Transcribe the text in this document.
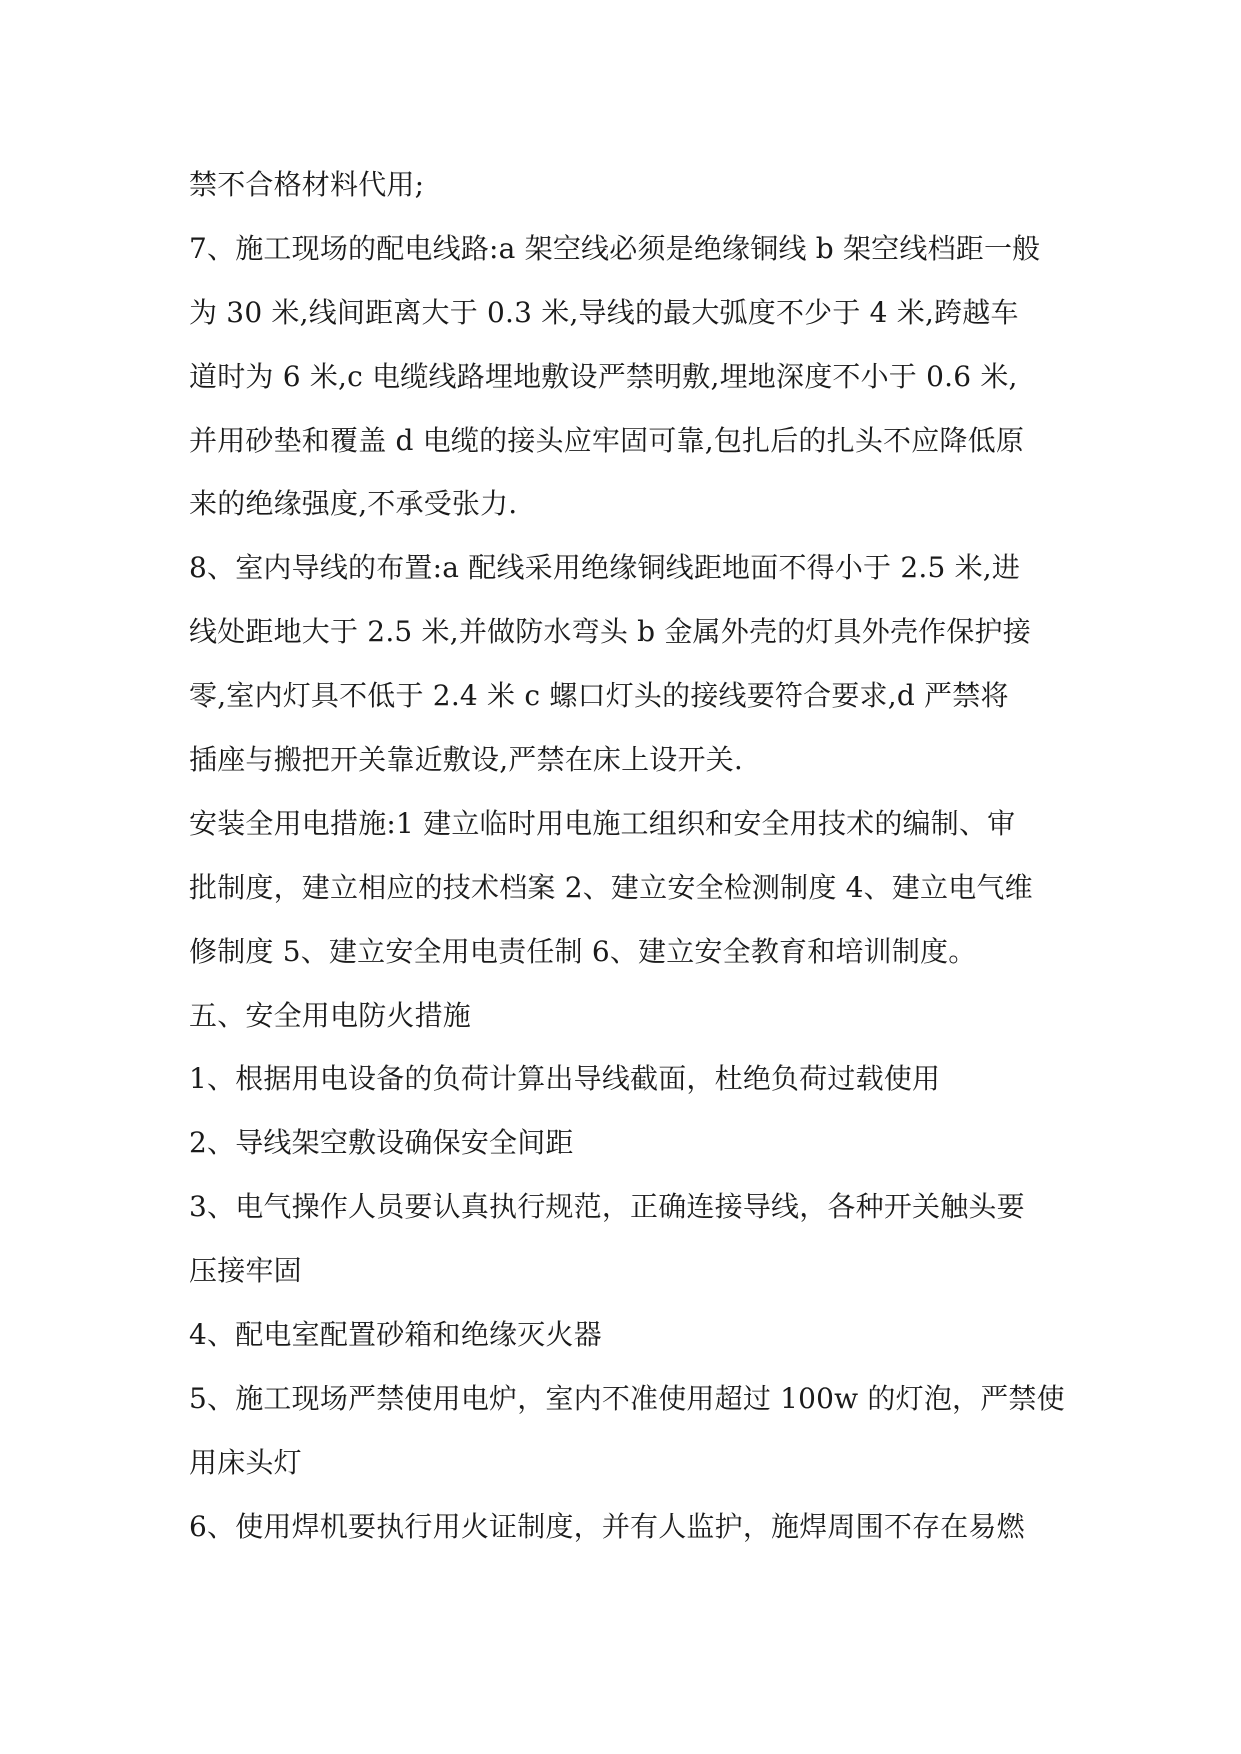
禁不合格材料代用;
7、施工现场的配电线路:a 架空线必须是绝缘铜线 b 架空线档距一般
为 30 米,线间距离大于 0.3 米,导线的最大弧度不少于 4 米,跨越车
道时为 6 米,c 电缆线路埋地敷设严禁明敷,埋地深度不小于 0.6 米,
并用砂垫和覆盖 d 电缆的接头应牢固可靠,包扎后的扎头不应降低原
来的绝缘强度,不承受张力.
8、室内导线的布置:a 配线采用绝缘铜线距地面不得小于 2.5 米,进
线处距地大于 2.5 米,并做防水弯头 b 金属外壳的灯具外壳作保护接
零,室内灯具不低于 2.4 米 c 螺口灯头的接线要符合要求,d 严禁将
插座与搬把开关靠近敷设,严禁在床上设开关.
安装全用电措施:1 建立临时用电施工组织和安全用技术的编制、审
批制度，建立相应的技术档案 2、建立安全检测制度 4、建立电气维
修制度 5、建立安全用电责任制 6、建立安全教育和培训制度。
五、安全用电防火措施
1、根据用电设备的负荷计算出导线截面，杜绝负荷过载使用
2、导线架空敷设确保安全间距
3、电气操作人员要认真执行规范，正确连接导线，各种开关触头要
压接牢固
4、配电室配置砂箱和绝缘灭火器
5、施工现场严禁使用电炉，室内不准使用超过 100w 的灯泡，严禁使
用床头灯
6、使用焊机要执行用火证制度，并有人监护，施焊周围不存在易燃
